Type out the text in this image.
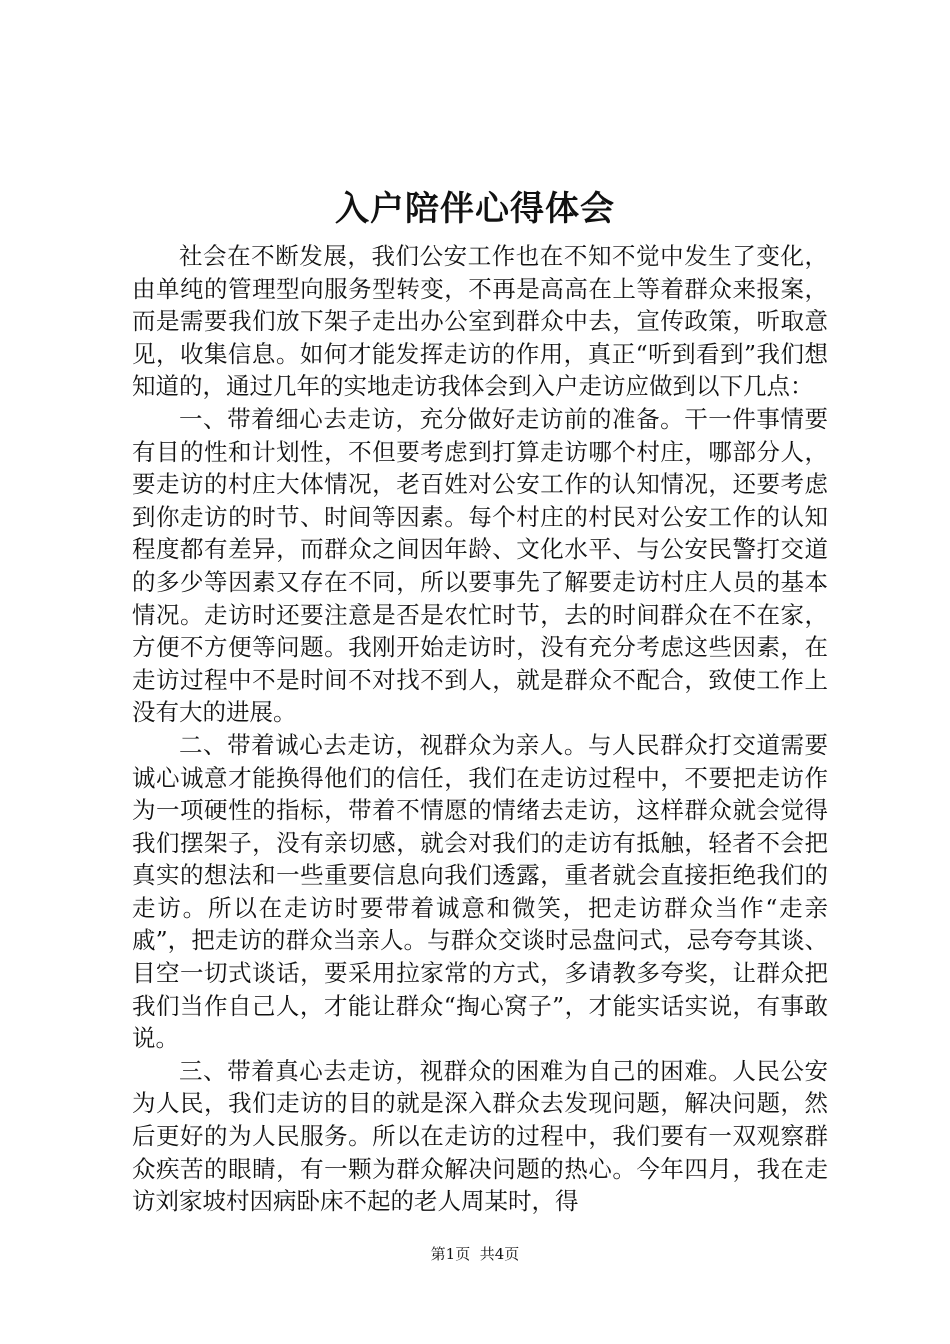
入户陪伴心得体会

社会在不断发展，我们公安工作也在不知不觉中发生了变化，由单纯的管理型向服务型转变，不再是高高在上等着群众来报案，而是需要我们放下架子走出办公室到群众中去，宣传政策，听取意见，收集信息。如何才能发挥走访的作用，真正“听到看到”我们想知道的，通过几年的实地走访我体会到入户走访应做到以下几点：

一、带着细心去走访，充分做好走访前的准备。干一件事情要有目的性和计划性，不但要考虑到打算走访哪个村庄，哪部分人，要走访的村庄大体情况，老百姓对公安工作的认知情况，还要考虑到你走访的时节、时间等因素。每个村庄的村民对公安工作的认知程度都有差异，而群众之间因年龄、文化水平、与公安民警打交道的多少等因素又存在不同，所以要事先了解要走访村庄人员的基本情况。走访时还要注意是否是农忙时节，去的时间群众在不在家，方便不方便等问题。我刚开始走访时，没有充分考虑这些因素，在走访过程中不是时间不对找不到人，就是群众不配合，致使工作上没有大的进展。

二、带着诚心去走访，视群众为亲人。与人民群众打交道需要诚心诚意才能换得他们的信任，我们在走访过程中，不要把走访作为一项硬性的指标，带着不情愿的情绪去走访，这样群众就会觉得我们摆架子，没有亲切感，就会对我们的走访有抵触，轻者不会把真实的想法和一些重要信息向我们透露，重者就会直接拒绝我们的走访。所以在走访时要带着诚意和微笑，把走访群众当作“走亲戚”，把走访的群众当亲人。与群众交谈时忌盘问式，忌夸夸其谈、目空一切式谈话，要采用拉家常的方式，多请教多夸奖，让群众把我们当作自己人，才能让群众“掏心窝子”，才能实话实说，有事敢说。

三、带着真心去走访，视群众的困难为自己的困难。人民公安为人民，我们走访的目的就是深入群众去发现问题，解决问题，然后更好的为人民服务。所以在走访的过程中，我们要有一双观察群众疾苦的眼睛，有一颗为群众解决问题的热心。今年四月，我在走访刘家坡村因病卧床不起的老人周某时，得

第1页 共4页
